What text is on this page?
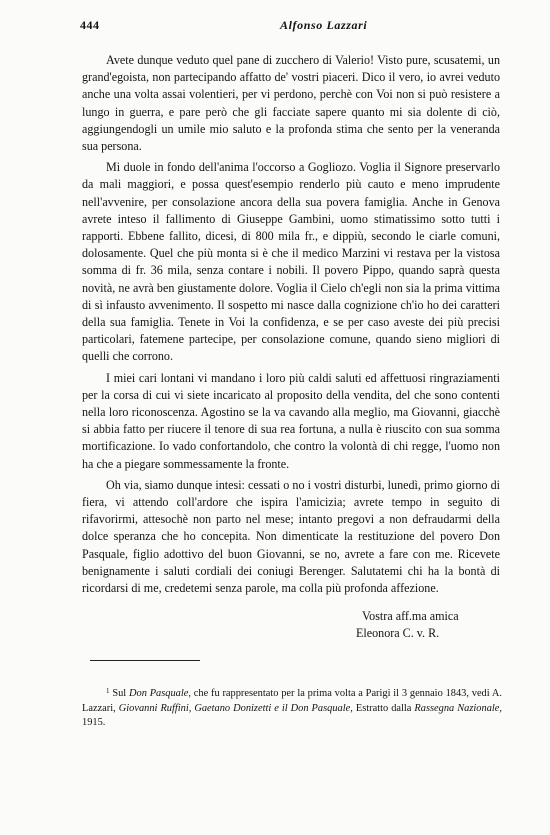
444	Alfonso Lazzari

Avete dunque veduto quel pane di zucchero di Valerio! Visto pure, scusatemi, un grand'egoista, non partecipando affatto de' vostri piaceri. Dico il vero, io avrei veduto anche una volta assai volentieri, per vi perdono, perchè con Voi non si può resistere a lungo in guerra, e pare però che gli facciate sapere quanto mi sia dolente di ciò, aggiungendogli un umile mio saluto e la profonda stima che sento per la veneranda sua persona.

Mi duole in fondo dell'anima l'occorso a Gogliozo. Voglia il Signore preservarlo da mali maggiori, e possa quest'esempio renderlo più cauto e meno imprudente nell'avvenire, per consolazione ancora della sua povera famiglia. Anche in Genova avrete inteso il fallimento di Giuseppe Gambini, uomo stimatissimo sotto tutti i rapporti. Ebbene fallito, dicesi, di 800 mila fr., e dippiù, secondo le ciarle comuni, dolosamente. Quel che più monta si è che il medico Marzini vi restava per la vistosa somma di fr. 36 mila, senza contare i nobili. Il povero Pippo, quando saprà questa novità, ne avrà ben giustamente dolore. Voglia il Cielo ch'egli non sia la prima vittima di sì infausto avvenimento. Il sospetto mi nasce dalla cognizione ch'io ho dei caratteri della sua famiglia. Tenete in Voi la confidenza, e se per caso aveste dei più precisi particolari, fatemene partecipe, per consolazione comune, quando sieno migliori di quelli che corrono.

I miei cari lontani vi mandano i loro più caldi saluti ed affettuosi ringraziamenti per la corsa di cui vi siete incaricato al proposito della vendita, del che sono contenti nella loro riconoscenza. Agostino se la va cavando alla meglio, ma Giovanni, giacchè si abbia fatto per riucere il tenore di sua rea fortuna, a nulla è riuscito con sua somma mortificazione. Io vado confortandolo, che contro la volontà di chi regge, l'uomo non ha che a piegare sommessamente la fronte.

Oh via, siamo dunque intesi: cessati o no i vostri disturbi, lunedì, primo giorno di fiera, vi attendo coll'ardore che ispira l'amicizia; avrete tempo in seguito di rifavorirmi, attesochè non parto nel mese; intanto pregovi a non defraudarmi della dolce speranza che ho concepita. Non dimenticate la restituzione del povero Don Pasquale, figlio adottivo del buon Giovanni, se no, avrete a fare con me. Ricevete benignamente i saluti cordiali dei coniugi Berenger. Salutatemi chi ha la bontà di ricordarsi di me, credetemi senza parole, ma colla più profonda affezione.

Vostra aff.ma amica
Eleonora C. v. R.

$^1$ Sul Don Pasquale, che fu rappresentato per la prima volta a Parigi il 3 gennaio 1843, vedi A. Lazzari, Giovanni Ruffini, Gaetano Donizetti e il Don Pasquale, Estratto dalla Rassegna Nazionale, 1915.
